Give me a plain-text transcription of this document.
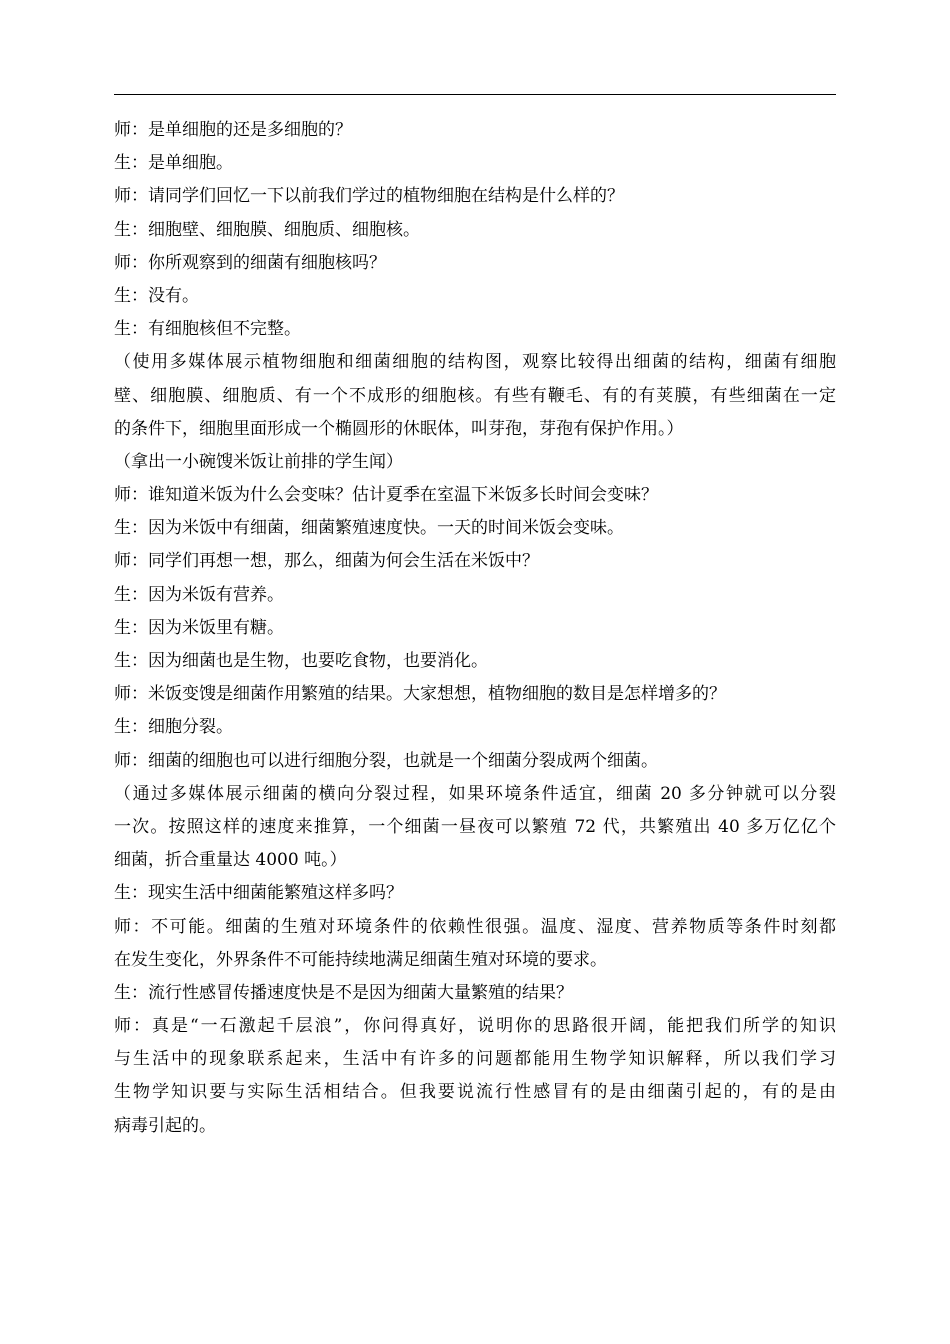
师：是单细胞的还是多细胞的？
生：是单细胞。
师：请同学们回忆一下以前我们学过的植物细胞在结构是什么样的？
生：细胞壁、细胞膜、细胞质、细胞核。
师：你所观察到的细菌有细胞核吗？
生：没有。
生：有细胞核但不完整。
（使用多媒体展示植物细胞和细菌细胞的结构图，观察比较得出细菌的结构，细菌有细胞
壁、细胞膜、细胞质、有一个不成形的细胞核。有些有鞭毛、有的有荚膜，有些细菌在一定
的条件下，细胞里面形成一个椭圆形的休眠体，叫芽孢，芽孢有保护作用。）
（拿出一小碗馊米饭让前排的学生闻）
师：谁知道米饭为什么会变味？估计夏季在室温下米饭多长时间会变味？
生：因为米饭中有细菌，细菌繁殖速度快。一天的时间米饭会变味。
师：同学们再想一想，那么，细菌为何会生活在米饭中？
生：因为米饭有营养。
生：因为米饭里有糖。
生：因为细菌也是生物，也要吃食物，也要消化。
师：米饭变馊是细菌作用繁殖的结果。大家想想，植物细胞的数目是怎样增多的？
生：细胞分裂。
师：细菌的细胞也可以进行细胞分裂，也就是一个细菌分裂成两个细菌。
（通过多媒体展示细菌的横向分裂过程，如果环境条件适宜，细菌 20 多分钟就可以分裂
一次。按照这样的速度来推算，一个细菌一昼夜可以繁殖 72 代，共繁殖出 40 多万亿亿个
细菌，折合重量达 4000 吨。）
生：现实生活中细菌能繁殖这样多吗？
师：不可能。细菌的生殖对环境条件的依赖性很强。温度、湿度、营养物质等条件时刻都
在发生变化，外界条件不可能持续地满足细菌生殖对环境的要求。
生：流行性感冒传播速度快是不是因为细菌大量繁殖的结果？
师：真是“一石激起千层浪”，你问得真好，说明你的思路很开阔，能把我们所学的知识
与生活中的现象联系起来，生活中有许多的问题都能用生物学知识解释，所以我们学习
生物学知识要与实际生活相结合。但我要说流行性感冒有的是由细菌引起的，有的是由
病毒引起的。
